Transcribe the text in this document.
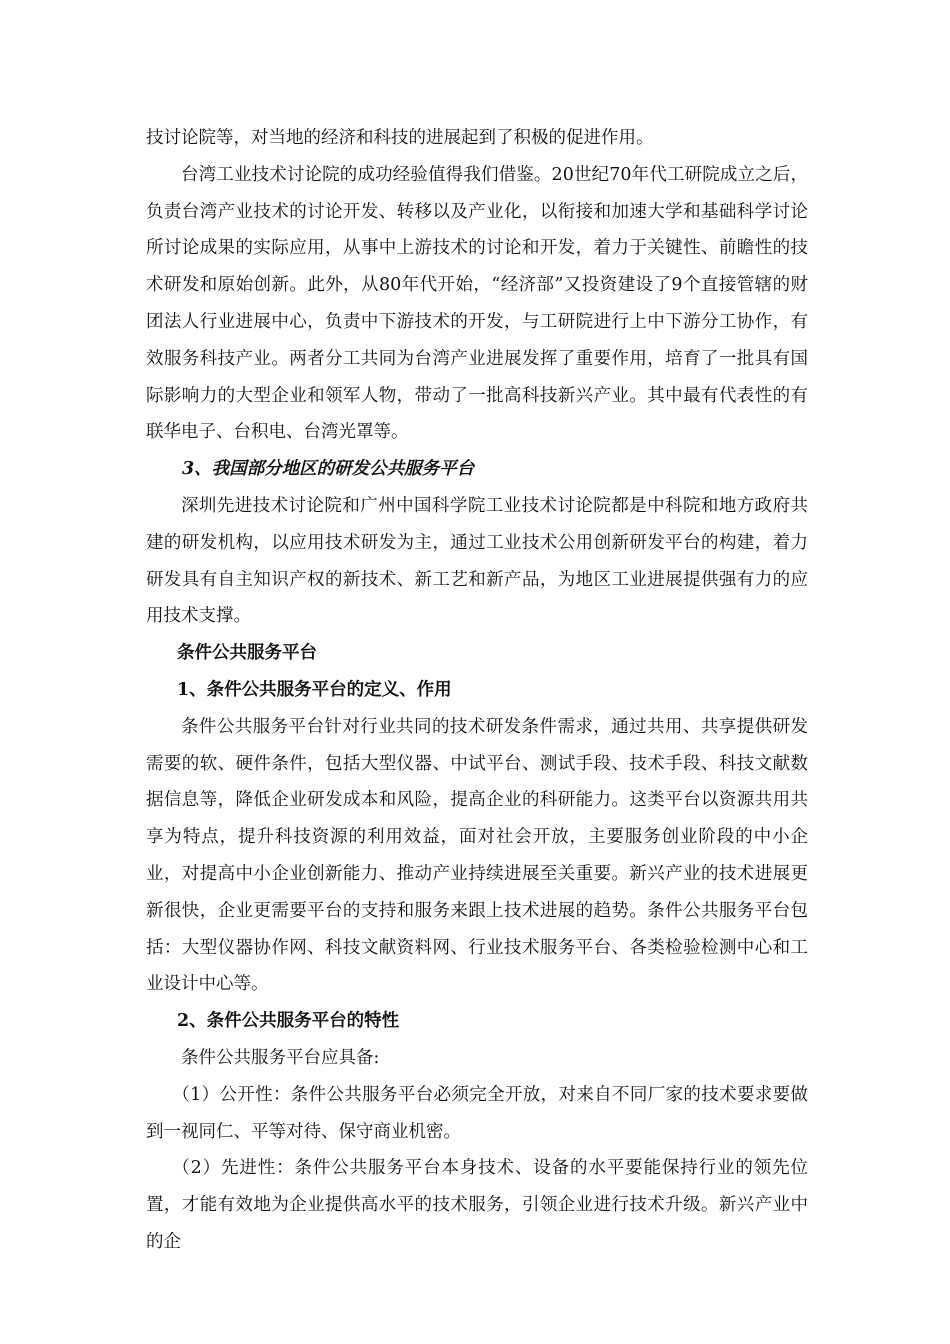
技讨论院等，对当地的经济和科技的进展起到了积极的促进作用。

台湾工业技术讨论院的成功经验值得我们借鉴。20世纪70年代工研院成立之后，负责台湾产业技术的讨论开发、转移以及产业化，以衔接和加速大学和基础科学讨论所讨论成果的实际应用，从事中上游技术的讨论和开发，着力于关键性、前瞻性的技术研发和原始创新。此外，从80年代开始，“经济部”又投资建设了9个直接管辖的财团法人行业进展中心，负责中下游技术的开发，与工研院进行上中下游分工协作，有效服务科技产业。两者分工共同为台湾产业进展发挥了重要作用，培育了一批具有国际影响力的大型企业和领军人物，带动了一批高科技新兴产业。其中最有代表性的有联华电子、台积电、台湾光罩等。

3、我国部分地区的研发公共服务平台

深圳先进技术讨论院和广州中国科学院工业技术讨论院都是中科院和地方政府共建的研发机构，以应用技术研发为主，通过工业技术公用创新研发平台的构建，着力研发具有自主知识产权的新技术、新工艺和新产品，为地区工业进展提供强有力的应用技术支撑。

条件公共服务平台

1、条件公共服务平台的定义、作用

条件公共服务平台针对行业共同的技术研发条件需求，通过共用、共享提供研发需要的软、硬件条件，包括大型仪器、中试平台、测试手段、技术手段、科技文献数据信息等，降低企业研发成本和风险，提高企业的科研能力。这类平台以资源共用共享为特点，提升科技资源的利用效益，面对社会开放，主要服务创业阶段的中小企业，对提高中小企业创新能力、推动产业持续进展至关重要。新兴产业的技术进展更新很快，企业更需要平台的支持和服务来跟上技术进展的趋势。条件公共服务平台包括：大型仪器协作网、科技文献资料网、行业技术服务平台、各类检验检测中心和工业设计中心等。

2、条件公共服务平台的特性

条件公共服务平台应具备:

（1）公开性：条件公共服务平台必须完全开放，对来自不同厂家的技术要求要做到一视同仁、平等对待、保守商业机密。

（2）先进性：条件公共服务平台本身技术、设备的水平要能保持行业的领先位置，才能有效地为企业提供高水平的技术服务，引领企业进行技术升级。新兴产业中的企
